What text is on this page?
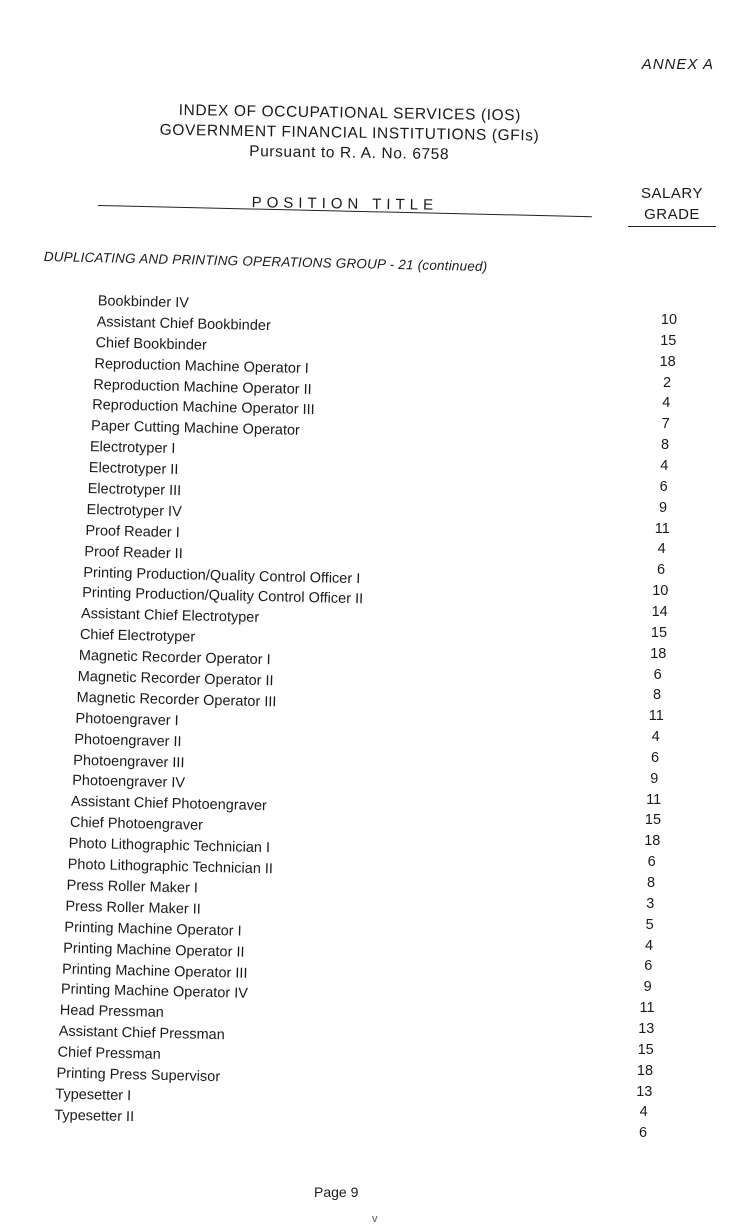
ANNEX A
INDEX OF OCCUPATIONAL SERVICES (IOS)
GOVERNMENT FINANCIAL INSTITUTIONS (GFIs)
Pursuant to R. A. No. 6758
POSITION TITLE
SALARY
GRADE
DUPLICATING AND PRINTING OPERATIONS GROUP - 21 (continued)
Bookbinder IV
Assistant Chief Bookbinder
Chief Bookbinder
Reproduction Machine Operator I
Reproduction Machine Operator II
Reproduction Machine Operator III
Paper Cutting Machine Operator
Electrotyper I
Electrotyper II
Electrotyper III
Electrotyper IV
Proof Reader I
Proof Reader II
Printing Production/Quality Control Officer I
Printing Production/Quality Control Officer II
Assistant Chief Electrotyper
Chief Electrotyper
Magnetic Recorder Operator I
Magnetic Recorder Operator II
Magnetic Recorder Operator III
Photoengraver I
Photoengraver II
Photoengraver III
Photoengraver IV
Assistant Chief Photoengraver
Chief Photoengraver
Photo Lithographic Technician I
Photo Lithographic Technician II
Press Roller Maker I
Press Roller Maker II
Printing Machine Operator I
Printing Machine Operator II
Printing Machine Operator III
Printing Machine Operator IV
Head Pressman
Assistant Chief Pressman
Chief Pressman
Printing Press Supervisor
Typesetter I
Typesetter II
10
15
18
2
4
7
8
4
6
9
11
4
6
10
14
15
18
6
8
11
4
6
9
11
15
18
6
8
3
5
4
6
9
11
13
15
18
13
4
6
Page 9
v
